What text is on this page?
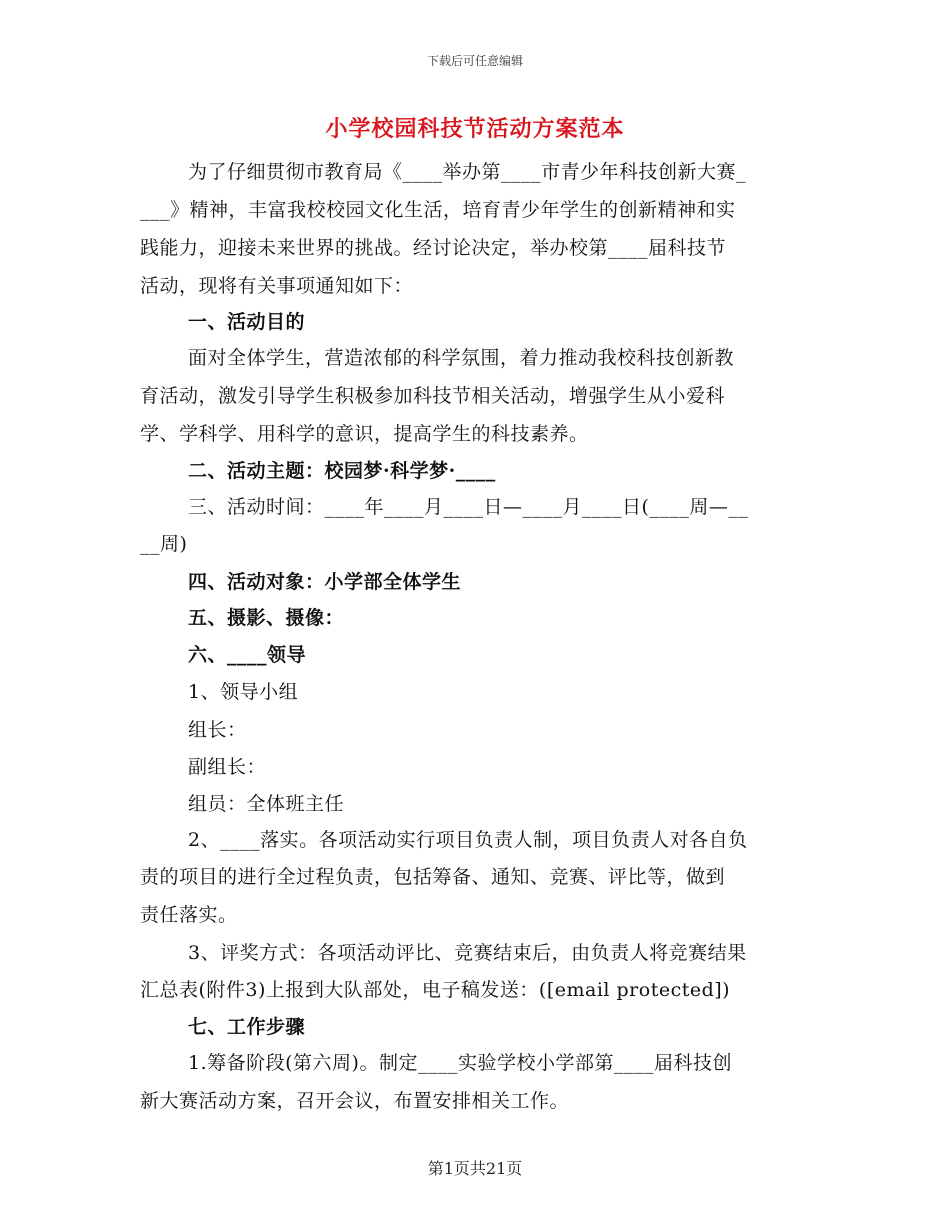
下载后可任意编辑
小学校园科技节活动方案范本
为了仔细贯彻市教育局《____举办第____市青少年科技创新大赛_
___》精神，丰富我校校园文化生活，培育青少年学生的创新精神和实
践能力，迎接未来世界的挑战。经讨论决定，举办校第____届科技节
活动，现将有关事项通知如下：
一、活动目的
面对全体学生，营造浓郁的科学氛围，着力推动我校科技创新教
育活动，激发引导学生积极参加科技节相关活动，增强学生从小爱科
学、学科学、用科学的意识，提高学生的科技素养。
二、活动主题：校园梦·科学梦·____
三、活动时间：____年____月____日—____月____日(____周—__
__周)
四、活动对象：小学部全体学生
五、摄影、摄像：
六、____领导
1、领导小组
组长：
副组长：
组员：全体班主任
2、____落实。各项活动实行项目负责人制，项目负责人对各自负
责的项目的进行全过程负责，包括筹备、通知、竞赛、评比等，做到
责任落实。
3、评奖方式：各项活动评比、竞赛结束后，由负责人将竞赛结果
汇总表(附件3)上报到大队部处，电子稿发送：([email protected])
七、工作步骤
1.筹备阶段(第六周)。制定____实验学校小学部第____届科技创
新大赛活动方案，召开会议，布置安排相关工作。
第1页共21页
